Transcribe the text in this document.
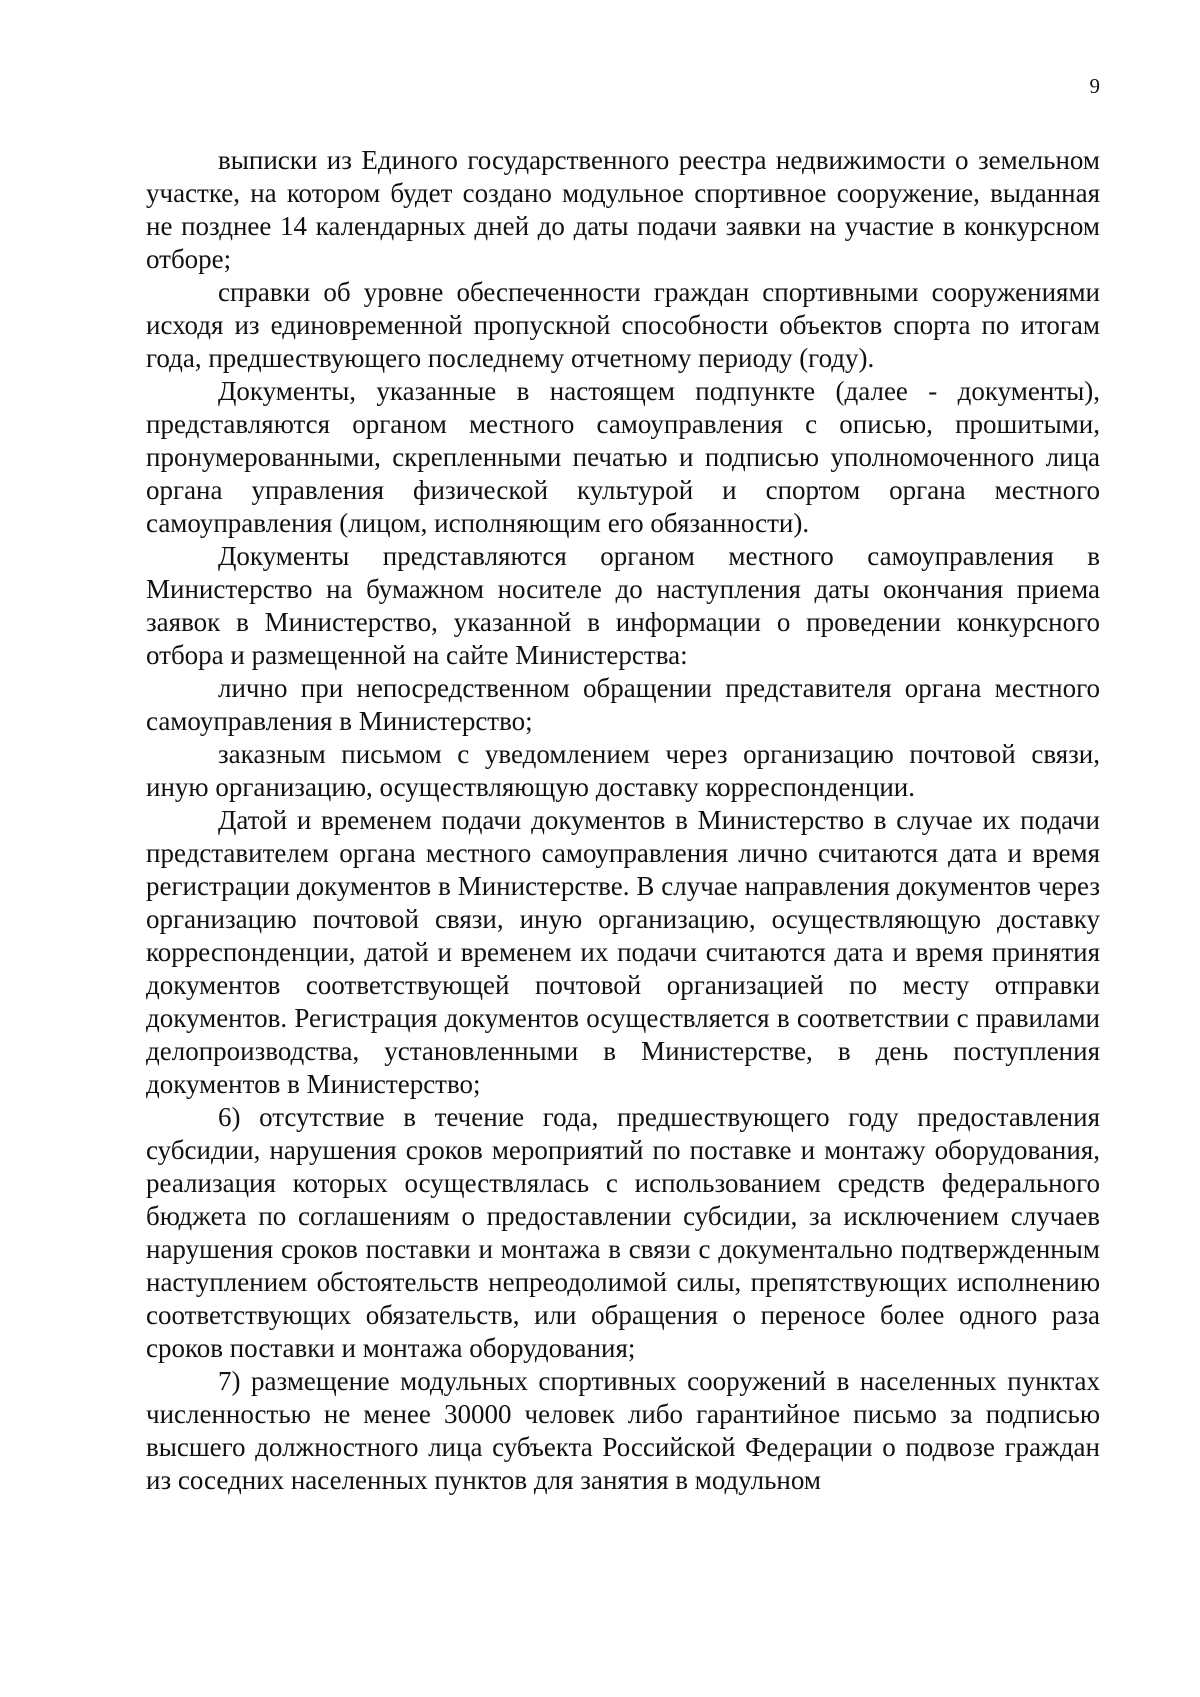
9

выписки из Единого государственного реестра недвижимости о земельном участке, на котором будет создано модульное спортивное сооружение, выданная не позднее 14 календарных дней до даты подачи заявки на участие в конкурсном отборе;

справки об уровне обеспеченности граждан спортивными сооружениями исходя из единовременной пропускной способности объектов спорта по итогам года, предшествующего последнему отчетному периоду (году).

Документы, указанные в настоящем подпункте (далее - документы), представляются органом местного самоуправления с описью, прошитыми, пронумерованными, скрепленными печатью и подписью уполномоченного лица органа управления физической культурой и спортом органа местного самоуправления (лицом, исполняющим его обязанности).

Документы представляются органом местного самоуправления в Министерство на бумажном носителе до наступления даты окончания приема заявок в Министерство, указанной в информации о проведении конкурсного отбора и размещенной на сайте Министерства:

лично при непосредственном обращении представителя органа местного самоуправления в Министерство;

заказным письмом с уведомлением через организацию почтовой связи, иную организацию, осуществляющую доставку корреспонденции.

Датой и временем подачи документов в Министерство в случае их подачи представителем органа местного самоуправления лично считаются дата и время регистрации документов в Министерстве. В случае направления документов через организацию почтовой связи, иную организацию, осуществляющую доставку корреспонденции, датой и временем их подачи считаются дата и время принятия документов соответствующей почтовой организацией по месту отправки документов. Регистрация документов осуществляется в соответствии с правилами делопроизводства, установленными в Министерстве, в день поступления документов в Министерство;

6) отсутствие в течение года, предшествующего году предоставления субсидии, нарушения сроков мероприятий по поставке и монтажу оборудования, реализация которых осуществлялась с использованием средств федерального бюджета по соглашениям о предоставлении субсидии, за исключением случаев нарушения сроков поставки и монтажа в связи с документально подтвержденным наступлением обстоятельств непреодолимой силы, препятствующих исполнению соответствующих обязательств, или обращения о переносе более одного раза сроков поставки и монтажа оборудования;

7) размещение модульных спортивных сооружений в населенных пунктах численностью не менее 30000 человек либо гарантийное письмо за подписью высшего должностного лица субъекта Российской Федерации о подвозе граждан из соседних населенных пунктов для занятия в модульном
